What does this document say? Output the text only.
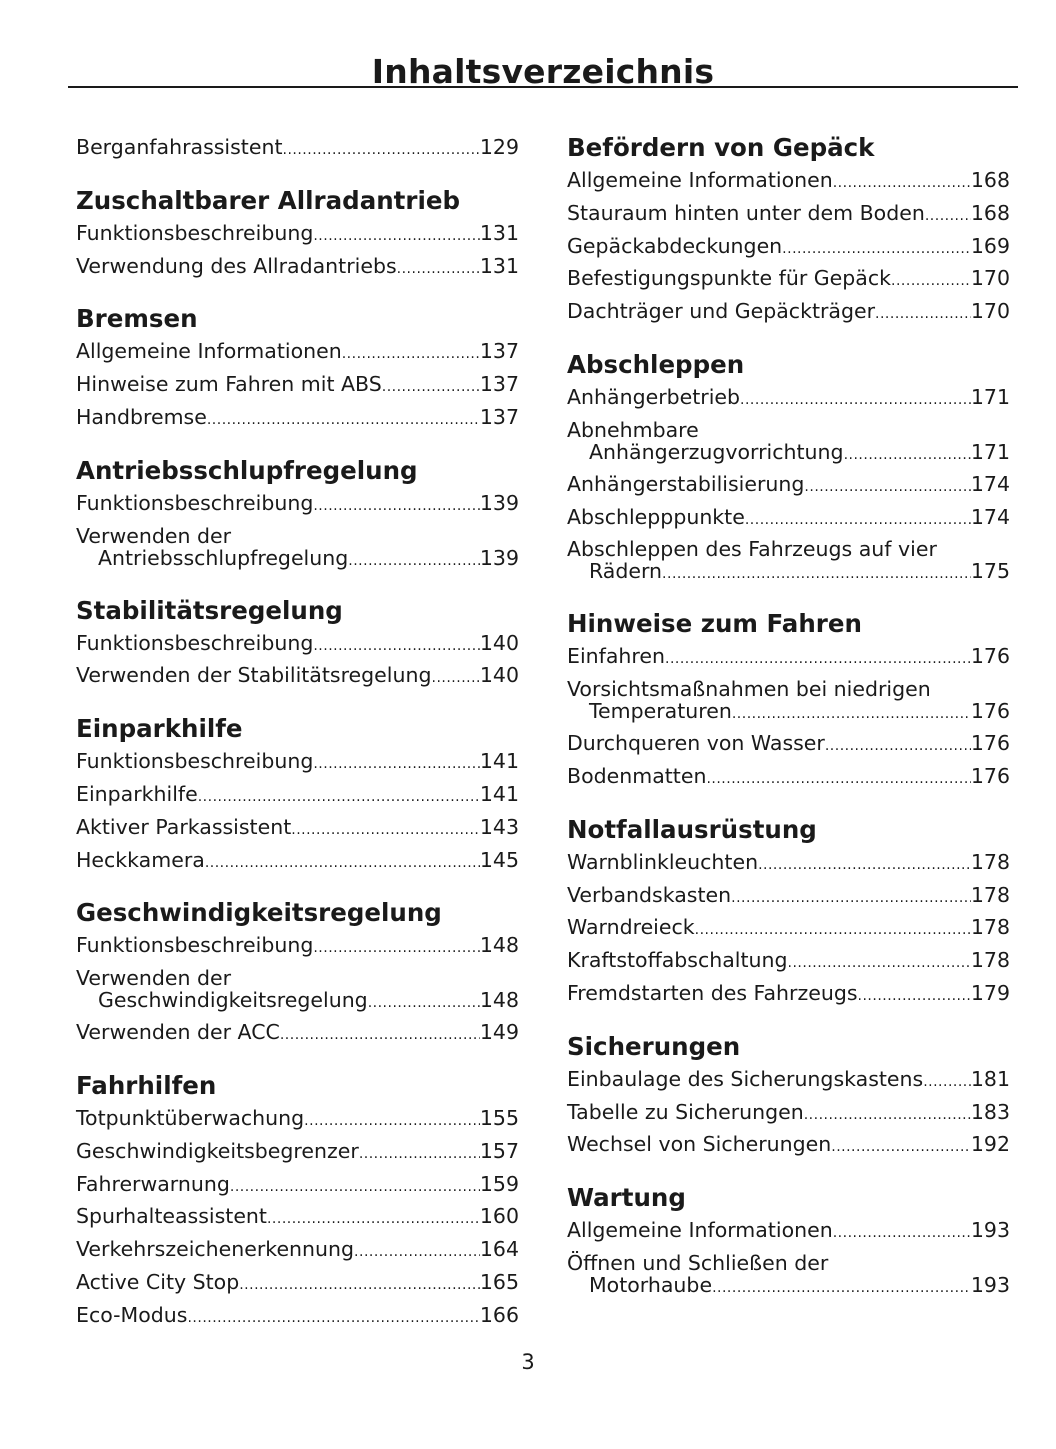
Inhaltsverzeichnis
Berganfahrassistent .....	129
Zuschaltbarer Allradantrieb
Funktionsbeschreibung .....	131
Verwendung des Allradantriebs .....	131
Bremsen
Allgemeine Informationen .....	137
Hinweise zum Fahren mit ABS .....	137
Handbremse .....	137
Antriebsschlupfregelung
Funktionsbeschreibung .....	139
Verwenden der
Antriebsschlupfregelung .....	139
Stabilitätsregelung
Funktionsbeschreibung .....	140
Verwenden der Stabilitätsregelung ..... 140
Einparkhilfe
Funktionsbeschreibung .....	141
Einparkhilfe .....	141
Aktiver Parkassistent .....	143
Heckkamera .....	145
Geschwindigkeitsregelung
Funktionsbeschreibung .....	148
Verwenden der
Geschwindigkeitsregelung .....	148
Verwenden der ACC .....	149
Fahrhilfen
Totpunktüberwachung .....	155
Geschwindigkeitsbegrenzer .....	157
Fahrerwarnung .....	159
Spurhalteassistent .....	160
Verkehrszeichenerkennung .....	164
Active City Stop .....	165
Eco-Modus .....	166
Befördern von Gepäck
Allgemeine Informationen .....	168
Stauraum hinten unter dem Boden ..... 168
Gepäckabdeckungen .....	169
Befestigungspunkte für Gepäck .....	170
Dachträger und Gepäckträger .....	170
Abschleppen
Anhängerbetrieb .....	171
Abnehmbare
Anhängerzugvorrichtung .....	171
Anhängerstabilisierung .....	174
Abschlepppunkte .....	174
Abschleppen des Fahrzeugs auf vier
Rädern .....	175
Hinweise zum Fahren
Einfahren .....	176
Vorsichtsmaßnahmen bei niedrigen
Temperaturen .....	176
Durchqueren von Wasser .....	176
Bodenmatten .....	176
Notfallausrüstung
Warnblinkleuchten .....	178
Verbandskasten .....	178
Warndreieck .....	178
Kraftstoffabschaltung .....	178
Fremdstarten des Fahrzeugs .....	179
Sicherungen
Einbaulage des Sicherungskastens ..... 181
Tabelle zu Sicherungen .....	183
Wechsel von Sicherungen .....	192
Wartung
Allgemeine Informationen .....	193
Öffnen und Schließen der
Motorhaube .....	193
3
